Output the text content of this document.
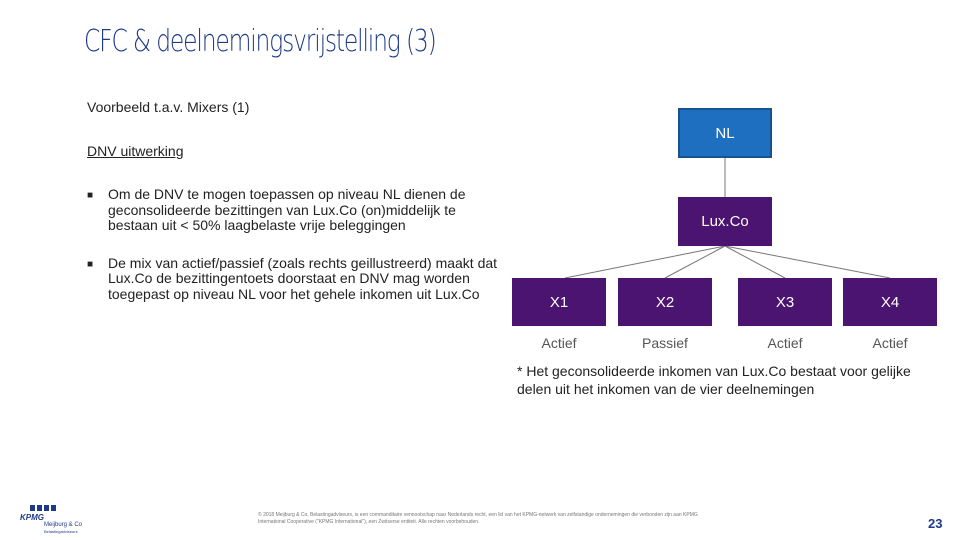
CFC & deelnemingsvrijstelling (3)
Voorbeeld t.a.v. Mixers (1)
DNV uitwerking
■ Om de DNV te mogen toepassen op niveau NL dienen de geconsolideerde bezittingen van Lux.Co (on)middelijk te bestaan uit < 50% laagbelaste vrije beleggingen
■ De mix van actief/passief (zoals rechts geillustreerd) maakt dat Lux.Co de bezittingentoets doorstaat en DNV mag worden toegepast op niveau NL voor het gehele inkomen uit Lux.Co
NL
Lux.Co
X1	X2	X3	X4
Actief	Passief	Actief	Actief
* Het geconsolideerde inkomen van Lux.Co bestaat voor gelijke delen uit het inkomen van de vier deelnemingen
KPMG
Meijburg & Co
Belastingadviseurs
© 2018 Meijburg & Co, Belastingadviseurs, is een commanditaire vennootschap naar Nederlands recht, een lid van het KPMG-netwerk van zelfstandige ondernemingen die verbonden zijn aan KPMG International Cooperative ("KPMG International"), een Zwitserse entiteit. Alle rechten voorbehouden.	23
